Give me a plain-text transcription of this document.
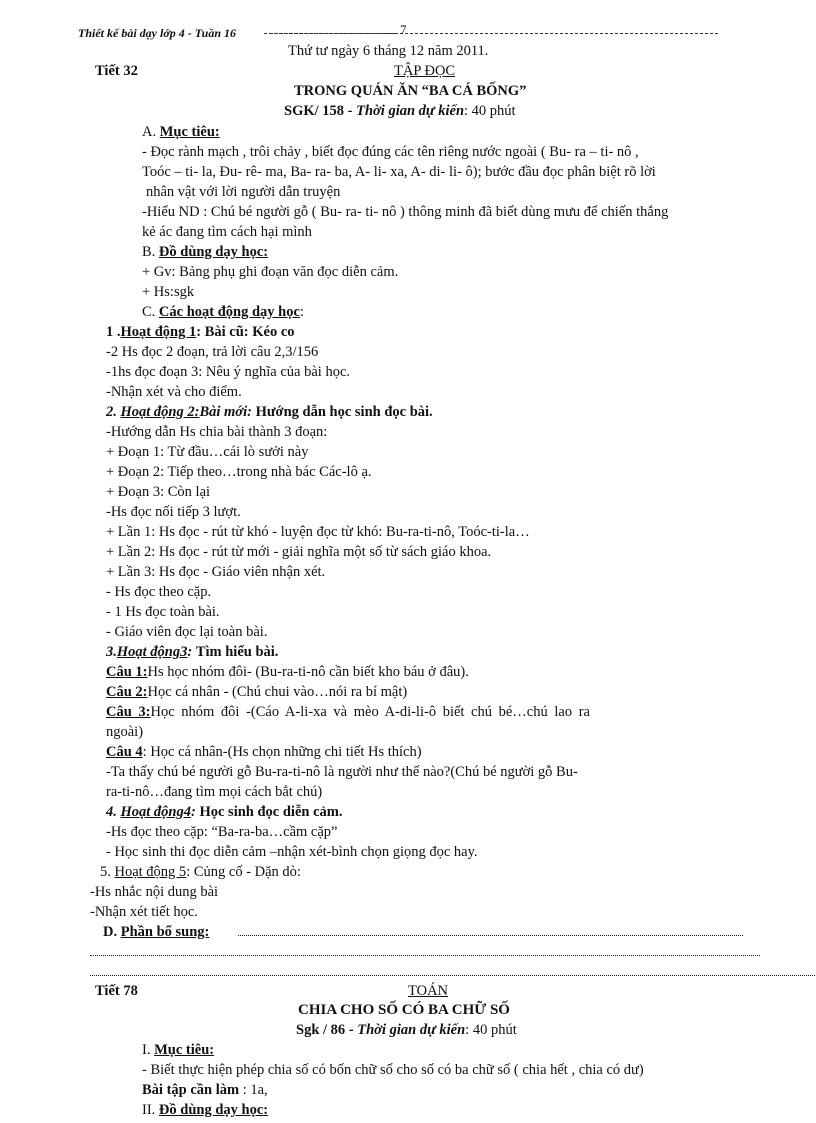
Thiết kế bài dạy lớp 4 - Tuần 16	7
Thứ tư ngày 6 tháng 12 năm 2011.
Tiết 32	TẬP ĐỌC
TRONG QUÁN ĂN “BA CÁ BỐNG”
SGK/ 158 - Thời gian dự kiến: 40 phút
A. Mục tiêu:
- Đọc rành mạch , trôi chảy , biết đọc đúng các tên riêng nước ngoài ( Bu- ra – ti- nô ,
Toóc – ti- la, Đu- rê- ma, Ba- ra- ba, A- li- xa, A- di- li- ô); bước đầu đọc phân biệt rõ lời
nhân vật với lời người dẫn truyện
-Hiểu ND : Chú bé người gỗ ( Bu- ra- ti- nô ) thông minh đã biết dùng mưu để chiến thắng
kẻ ác đang tìm cách hại mình
B. Đồ dùng dạy học:
+ Gv: Bảng phụ ghi đoạn văn đọc diễn cảm.
+ Hs:sgk
C. Các hoạt động dạy học:
1 .Hoạt động 1: Bài cũ: Kéo co
-2 Hs đọc 2 đoạn, trả lời câu 2,3/156
-1hs đọc đoạn 3: Nêu ý nghĩa của bài học.
-Nhận xét và cho điểm.
2. Hoạt động 2:Bài mới: Hướng dẫn học sinh đọc bài.
-Hướng dẫn Hs chia bài thành 3 đoạn:
+ Đoạn 1: Từ đầu…cái lò sưởi này
+ Đoạn 2: Tiếp theo…trong nhà bác Các-lô ạ.
+ Đoạn 3: Còn lại
-Hs đọc nối tiếp 3 lượt.
+ Lần 1: Hs đọc - rút từ khó - luyện đọc từ khó: Bu-ra-ti-nô, Toóc-ti-la…
+ Lần 2: Hs đọc - rút từ mới - giải nghĩa một số từ sách giáo khoa.
+ Lần 3: Hs đọc - Giáo viên nhận xét.
- Hs đọc theo cặp.
- 1 Hs đọc toàn bài.
- Giáo viên đọc lại toàn bài.
3.Hoạt động3: Tìm hiểu bài.
Câu 1:Hs học nhóm đôi- (Bu-ra-ti-nô cần biết kho báu ở đâu).
Câu 2:Học cá nhân - (Chú chui vào…nói ra bí mật)
Câu 3:Học nhóm đôi -(Cáo A-li-xa và mèo A-di-li-ô biết chú bé…chú lao ra
ngoài)
Câu 4: Học cá nhân-(Hs chọn những chi tiết Hs thích)
-Ta thấy chú bé người gỗ Bu-ra-ti-nô là người như thế nào?(Chú bé người gỗ Bu-
ra-ti-nô…đang tìm mọi cách bắt chú)
4. Hoạt động4: Học sinh đọc diễn cảm.
-Hs đọc theo cặp: “Ba-ra-ba…cầm cặp”
- Học sinh thi đọc diễn cảm –nhận xét-bình chọn giọng đọc hay.
5. Hoạt động 5: Củng cố - Dặn dò:
-Hs nhắc nội dung bài
-Nhận xét tiết học.
D. Phần bổ sung:
Tiết 78	TOÁN
CHIA CHO SỐ CÓ BA CHỮ SỐ
Sgk / 86 - Thời gian dự kiến: 40 phút
I. Mục tiêu:
- Biết thực hiện phép chia số có bốn chữ số cho số có ba chữ số ( chia hết , chia có dư)
Bài tập cần làm : 1a,
II. Đồ dùng dạy học:
